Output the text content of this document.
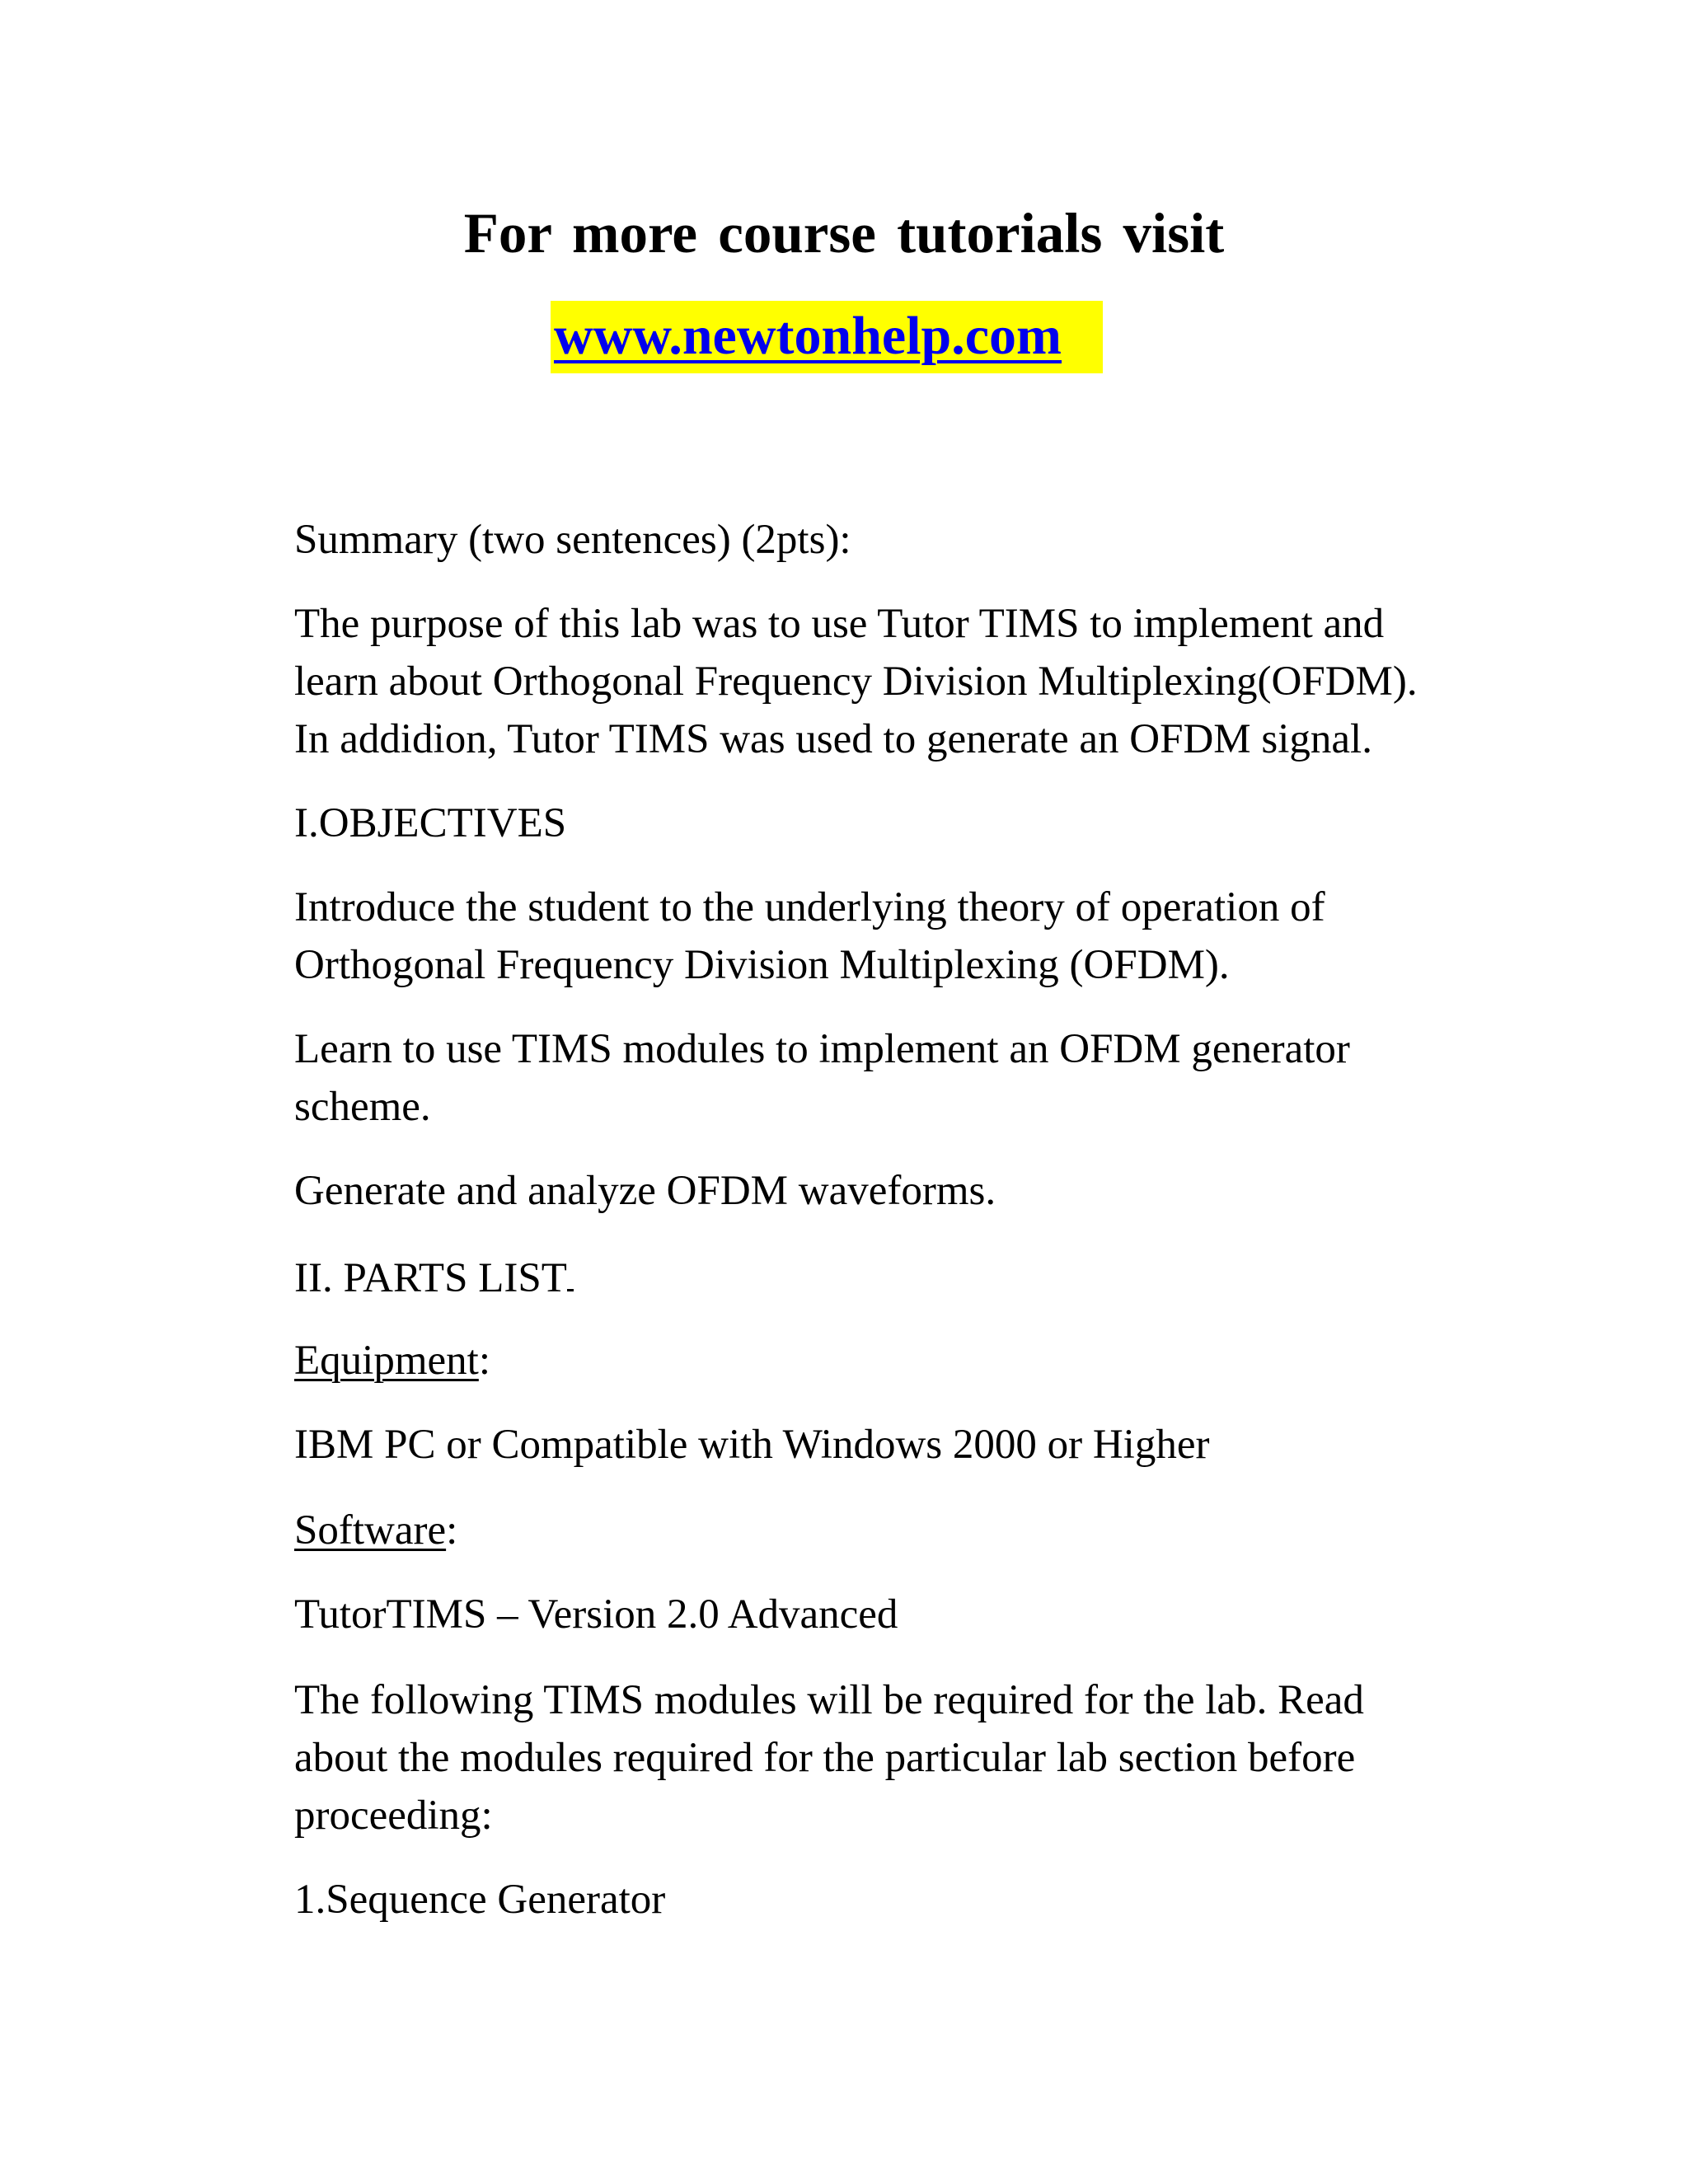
For more course tutorials visit
www.newtonhelp.com
Summary (two sentences) (2pts):
The purpose of this lab was to use Tutor TIMS to implement and
learn about Orthogonal Frequency Division Multiplexing(OFDM).
In addidion, Tutor TIMS was used to generate an OFDM signal.
I.OBJECTIVES
Introduce the student to the underlying theory of operation of
Orthogonal Frequency Division Multiplexing (OFDM).
Learn to use TIMS modules to implement an OFDM generator
scheme.
Generate and analyze OFDM waveforms.
II. PARTS LIST
Equipment:
IBM PC or Compatible with Windows 2000 or Higher
Software:
TutorTIMS – Version 2.0 Advanced
The following TIMS modules will be required for the lab. Read
about the modules required for the particular lab section before
proceeding:
1.Sequence Generator
